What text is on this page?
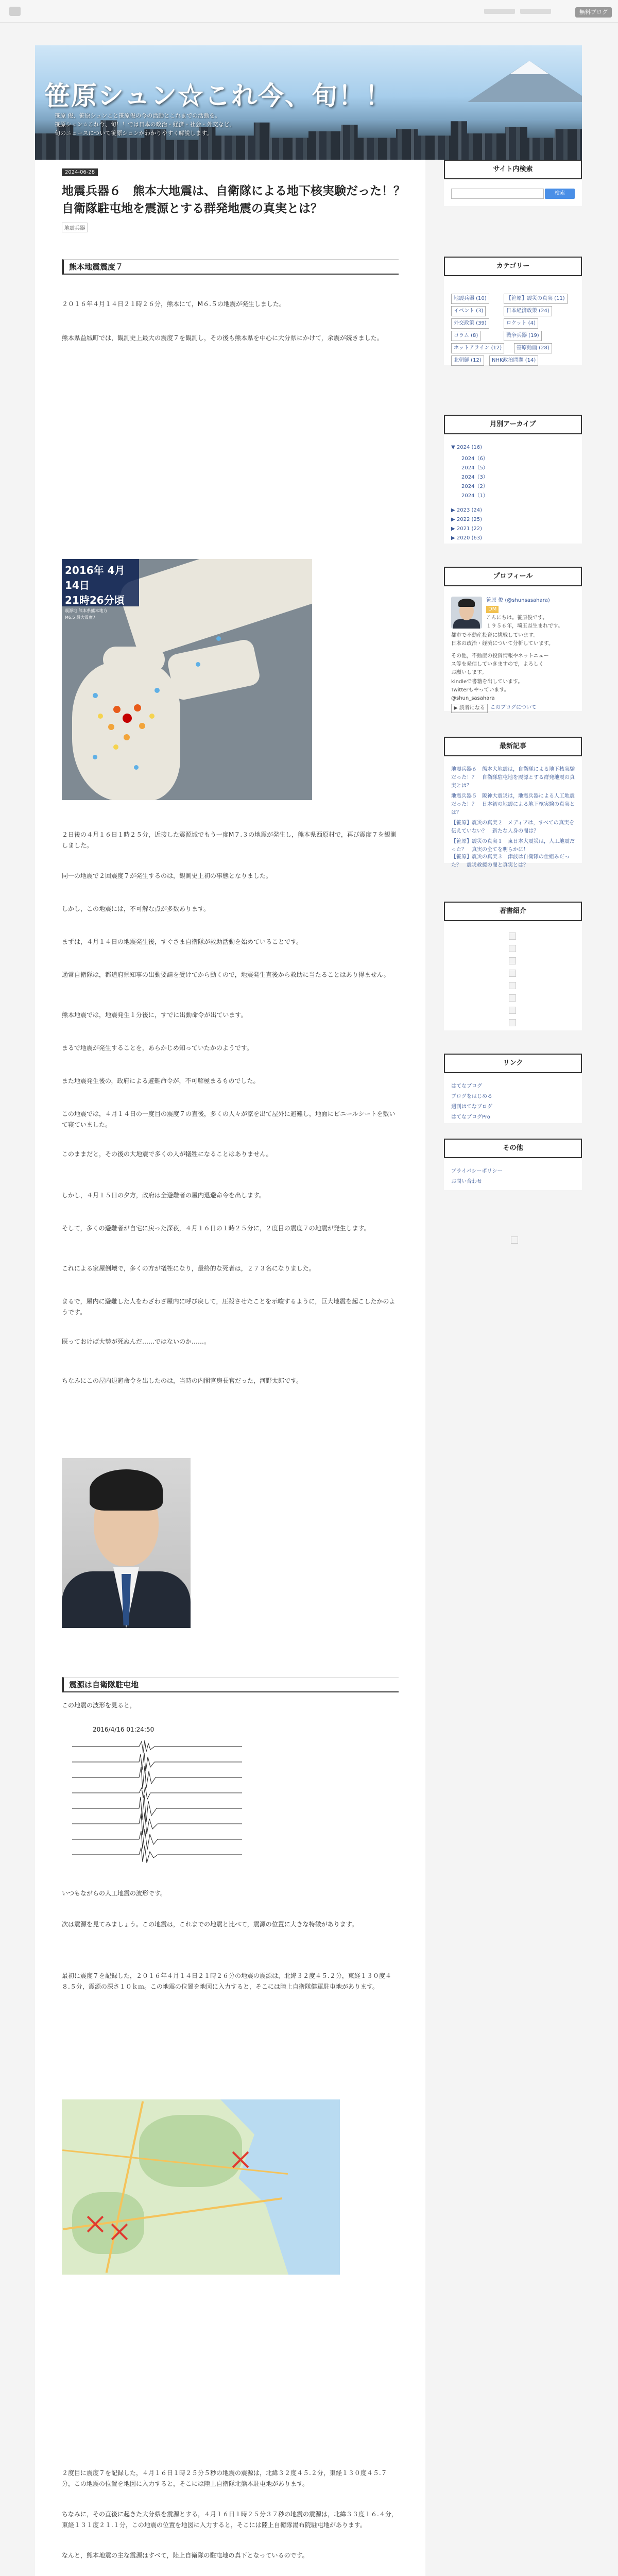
無料ブログ
笹原シュン☆これ今、旬！！
笹原 俊、笹原シュンこと笹原俊の今の活動とこれまでの活動を。
笹原シュン☆これ今、旬！！では日本の政治・経済・社会・外交など、
旬のニュースについて笹原シュンがわかりやすく解説します。
2024-06-28
地震兵器６　熊本大地震は、自衛隊による地下核実験だった！？　自衛隊駐屯地を震源とする群発地震の真実とは？
地震兵器
熊本地震震度７
２０１６年４月１４日２１時２６分，熊本にて，M６.５の地震が発生しました。
熊本県益城町では，観測史上最大の震度７を観測し，その後も熊本県を中心に大分県にかけて，余震が続きました。
2016年 4月14日
21時26分頃
震源地 熊本県熊本地方
M6.5 最大震度7
２日後の４月１６日１時２５分，近接した震源域でもう一度M７.３の地震が発生し，熊本県西原村で，再び震度７を観測しました。
同一の地震で２回震度７が発生するのは，観測史上初の事態となりました。
しかし，この地震には，不可解な点が多数あります。
まずは，４月１４日の地震発生後，すぐさま自衛隊が救助活動を始めていることです。
通常自衛隊は，都道府県知事の出動要請を受けてから動くので，地震発生直後から救助に当たることはあり得ません。
熊本地震では，地震発生１分後に，すでに出動命令が出ています。
まるで地震が発生することを，あらかじめ知っていたかのようです。
また地震発生後の，政府による避難命令が，不可解極まるものでした。
この地震では，４月１４日の一度目の震度７の直後，多くの人々が家を出て屋外に避難し，地面にビニールシートを敷いて寝ていました。
このままだと，その後の大地震で多くの人が犠牲になることはありません。
しかし，４月１５日の夕方，政府は全避難者の屋内退避命令を出します。
そして，多くの避難者が自宅に戻った深夜，４月１６日の１時２５分に，２度目の震度７の地震が発生します。
これによる家屋倒壊で，多くの方が犠牲になり，最終的な死者は，２７３名になりました。
まるで，屋内に避難した人をわざわざ屋内に呼び戻して，圧殺させたことを示唆するように，巨大地震を起こしたかのようです。
既っておけば大勢が死ぬんだ……ではないのか……。
ちなみにこの屋内退避命令を出したのは，当時の内閣官房長官だった，河野太郎です。
震源は自衛隊駐屯地
この地震の波形を見ると，
2016/4/16 01:24:50
いつもながらの人工地震の波形です。
次は震源を見てみましょう。この地震は，これまでの地震と比べて，震源の位置に大きな特徴があります。
最初に震度７を記録した，２０１６年４月１４日２１時２６分の地震の震源は，北緯３２度４５.２分，東経１３０度４８.５分，震源の深さ１０ｋｍ。この地震の位置を地図に入力すると，そこには陸上自衛隊健軍駐屯地があります。
２度目に震度７を記録した，４月１６日１時２５分５秒の地震の震源は，北緯３２度４５.２分，東経１３０度４５.７分，この地震の位置を地図に入力すると，そこには陸上自衛隊北熊本駐屯地があります。
ちなみに，その直後に起きた大分県を震源とする，４月１６日１時２５分３７秒の地震の震源は，北緯３３度１６.４分，東経１３１度２１.１分，この地震の位置を地図に入力すると，そこには陸上自衛隊湯布院駐屯地があります。
なんと，熊本地震の主な震源はすべて，陸上自衛隊の駐屯地の真下となっているのです。
サイト内検索
検索
カテゴリー
地震兵器 (10)	【笹原】震災の真実 (11)
イベント (3)	日本経済政策 (24)
外交政策 (39)	ロケット (4)
コラム (8)	戦争兵器 (19)
ホットアライン (12)	笹原動画 (28)
北朝鮮 (12)	NHK政治問題 (14)
月別アーカイブ
▼ 2024 (16)
2024（6）
2024（5）
2024（3）
2024（2）
2024（1）
▶ 2023 (24)
▶ 2022 (25)
▶ 2021 (22)
▶ 2020 (63)
プロフィール
笹原 俊 (@shunsasahara)
DM
こんにちは。笹原俊です。
１９５６年，埼玉県生まれです。
都市で不動産投資に挑戦しています。
日本の政治・経済について分析しています。
その他，不動産の投資情報やネットニュー
ス等を発信していきますので，よろしく
お願いします。
kindleで書籍を出しています。
Twitterもやっています。
@shun_sasahara
▶ 読者になる	このブログについて
最新記事
地震兵器６　熊本大地震は，自衛隊による地下核実験だった！？　自衛隊駐屯地を震源とする群発地震の真実とは？
地震兵器５　阪神大震災は，地震兵器による人工地震だった！？　日本初の地震による地下核実験の真実とは？
【笹原】震災の真実２　メディアは，すべての真実を伝えていない？　新たな人身の闇は？
【笹原】震災の真実１　東日本大震災は，人工地震だった？　真実の全てを明らかに！
【笹原】震災の真実３　津波は自衛隊の仕組みだった？　震災救援の闇と真実とは？
著書紹介
リンク
はてなブログ
ブログをはじめる
週刊はてなブログ
はてなブログPro
その他
プライバシーポリシー
お問い合わせ
